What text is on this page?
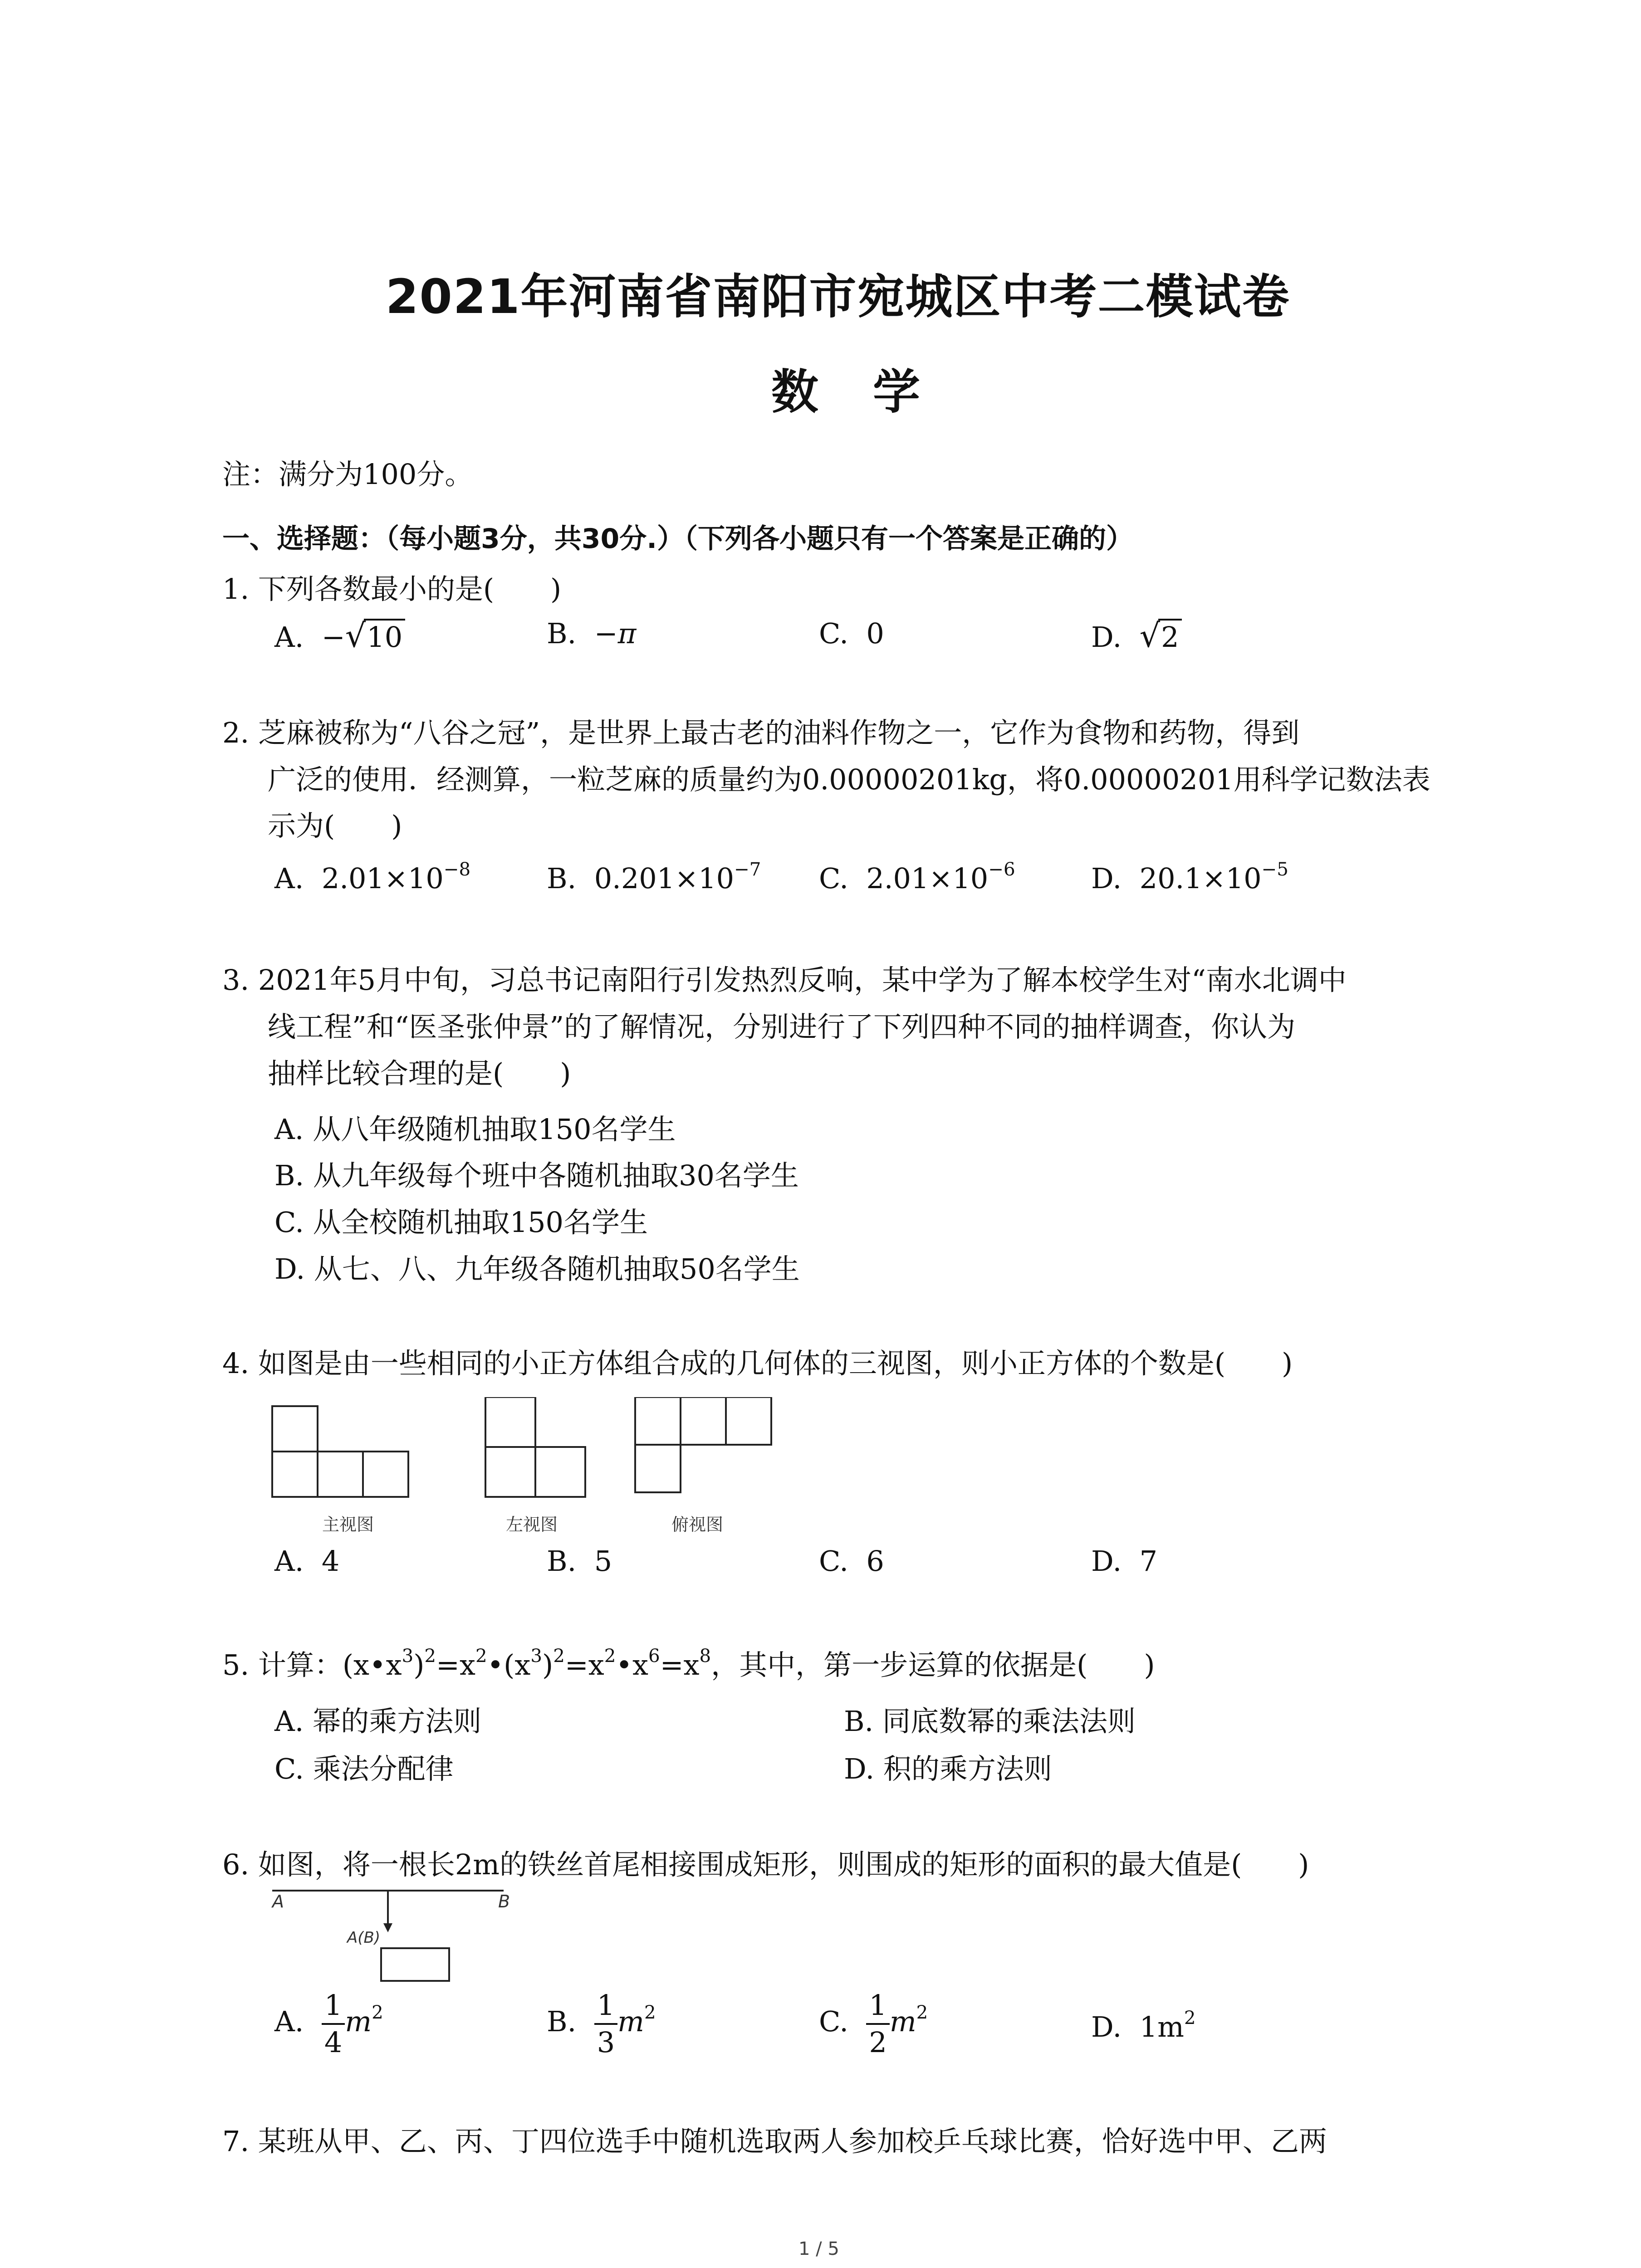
2021年河南省南阳市宛城区中考二模试卷
数学
注：满分为100分。
一、选择题：（每小题3分，共30分.）（下列各小题只有一个答案是正确的）
1. 下列各数最小的是(　　)
A. −√10	B. −π	C. 0	D. √2
2. 芝麻被称为“八谷之冠”，是世界上最古老的油料作物之一，它作为食物和药物，得到
广泛的使用．经测算，一粒芝麻的质量约为0.00000201kg，将0.00000201用科学记数法表
示为(　　)
A. $2.01\times 10^{-8}$	B. $0.201\times 10^{-7}$ C. $2.01\times 10^{-6}$	D. $20.1\times 10^{-5}$
3. 2021年5月中旬，习总书记南阳行引发热烈反响，某中学为了解本校学生对“南水北调中
线工程”和“医圣张仲景”的了解情况，分别进行了下列四种不同的抽样调查，你认为
抽样比较合理的是(　　)
A. 从八年级随机抽取150名学生
B. 从九年级每个班中各随机抽取30名学生
C. 从全校随机抽取150名学生
D. 从七、八、九年级各随机抽取50名学生
4. 如图是由一些相同的小正方体组合成的几何体的三视图，则小正方体的个数是(　　)
主视图	左视图	俯视图
A. 4	B. 5	C. 6	D. 7
5. 计算：$(x•x^3)^2=x^2•(x^3)^2=x^2•x^6=x^8$，其中，第一步运算的依据是(　　)
A. 幂的乘方法则	B. 同底数幂的乘法法则
C. 乘法分配律	D. 积的乘方法则
6. 如图，将一根长2m的铁丝首尾相接围成矩形，则围成的矩形的面积的最大值是(　　)
A	B
A(B)
A. $\frac{1}{4} m^2$	B. $\frac{1}{3} m^2$	C. $\frac{1}{2} m^2$	D. $1m^2$
7. 某班从甲、乙、丙、丁四位选手中随机选取两人参加校乒乓球比赛，恰好选中甲、乙两
1 / 5
